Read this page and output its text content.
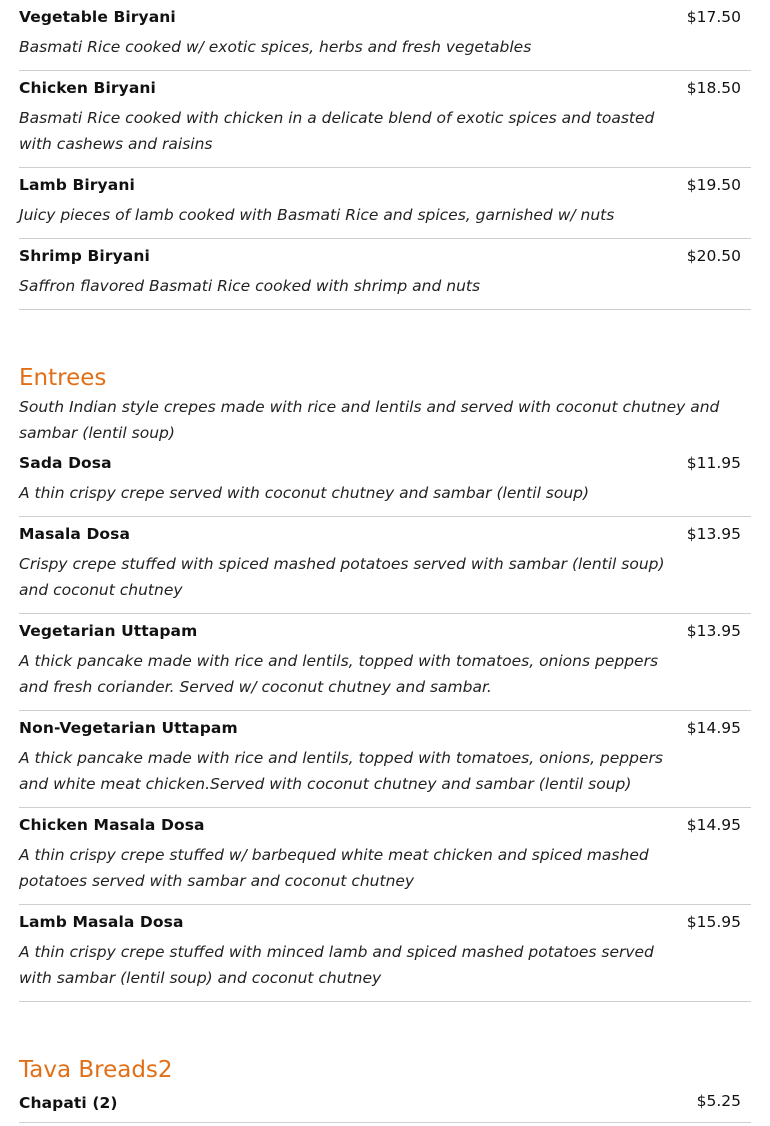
Vegetable Biryani	$17.50
Basmati Rice cooked w/ exotic spices, herbs and fresh vegetables
Chicken Biryani	$18.50
Basmati Rice cooked with chicken in a delicate blend of exotic spices and toasted with cashews and raisins
Lamb Biryani	$19.50
Juicy pieces of lamb cooked with Basmati Rice and spices, garnished w/ nuts
Shrimp Biryani	$20.50
Saffron flavored Basmati Rice cooked with shrimp and nuts
Entrees
South Indian style crepes made with rice and lentils and served with coconut chutney and sambar (lentil soup)
Sada Dosa	$11.95
A thin crispy crepe served with coconut chutney and sambar (lentil soup)
Masala Dosa	$13.95
Crispy crepe stuffed with spiced mashed potatoes served with sambar (lentil soup) and coconut chutney
Vegetarian Uttapam	$13.95
A thick pancake made with rice and lentils, topped with tomatoes, onions peppers and fresh coriander. Served w/ coconut chutney and sambar.
Non-Vegetarian Uttapam	$14.95
A thick pancake made with rice and lentils, topped with tomatoes, onions, peppers and white meat chicken.Served with coconut chutney and sambar (lentil soup)
Chicken Masala Dosa	$14.95
A thin crispy crepe stuffed w/ barbequed white meat chicken and spiced mashed potatoes served with sambar and coconut chutney
Lamb Masala Dosa	$15.95
A thin crispy crepe stuffed with minced lamb and spiced mashed potatoes served with sambar (lentil soup) and coconut chutney
Tava Breads2
Chapati (2)	$5.25
